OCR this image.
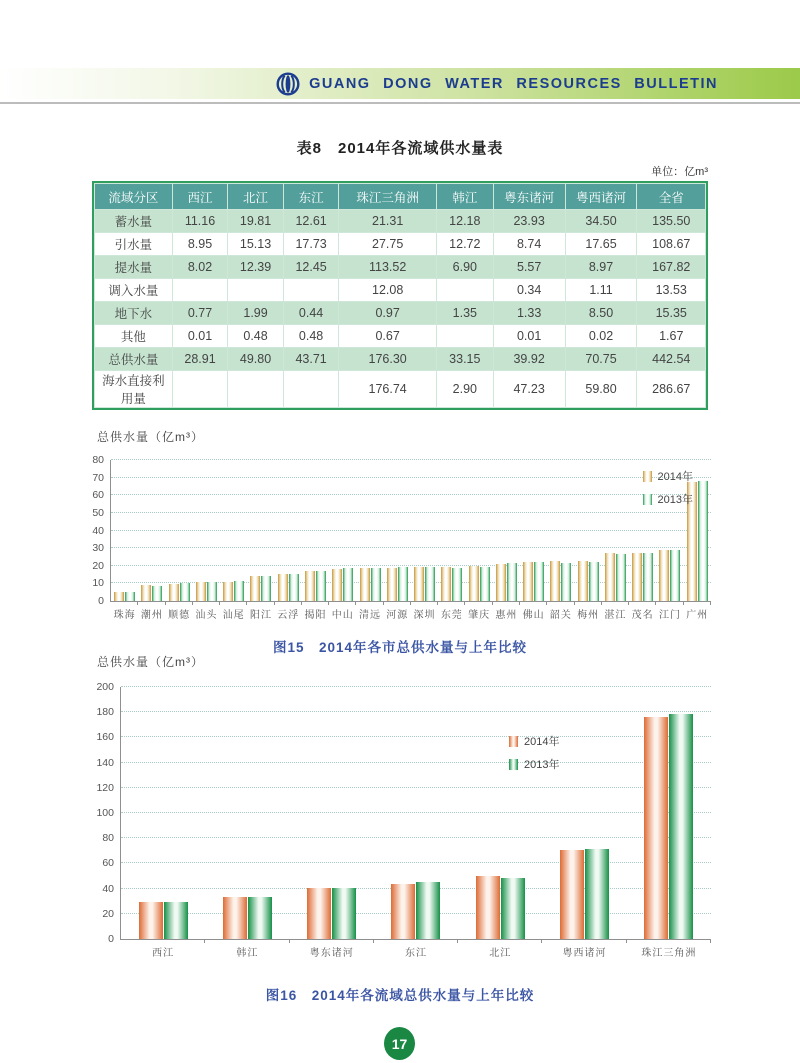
GUANG DONG WATER RESOURCES BULLETIN
表8　2014年各流域供水量表
单位：亿m³
流域分区	西江	北江	东江	珠江三角洲	韩江	粤东诸河	粤西诸河	全省
蓄水量	11.16	19.81	12.61	21.31	12.18	23.93	34.50	135.50
引水量	8.95	15.13	17.73	27.75	12.72	8.74	17.65	108.67
提水量	8.02	12.39	12.45	113.52	6.90	5.57	8.97	167.82
调入水量				12.08		0.34	1.11	13.53
地下水	0.77	1.99	0.44	0.97	1.35	1.33	8.50	15.35
其他	0.01	0.48	0.48	0.67		0.01	0.02	1.67
总供水量	28.91	49.80	43.71	176.30	33.15	39.92	70.75	442.54
海水直接利用量				176.74	2.90	47.23	59.80	286.67
总供水量（亿m³）
0
10
20
30
40
50
60
70
80
珠海 潮州 顺德 汕头 汕尾 阳江 云浮 揭阳 中山 清远 河源 深圳 东莞 肇庆 惠州 佛山 韶关 梅州 湛江 茂名 江门 广州
2014年
2013年
图15　2014年各市总供水量与上年比较
总供水量（亿m³）
0
20
40
60
80
100
120
140
160
180
200
西江	韩江	粤东诸河	东江	北江	粤西诸河	珠江三角洲
2014年
2013年
图16　2014年各流域总供水量与上年比较
17
